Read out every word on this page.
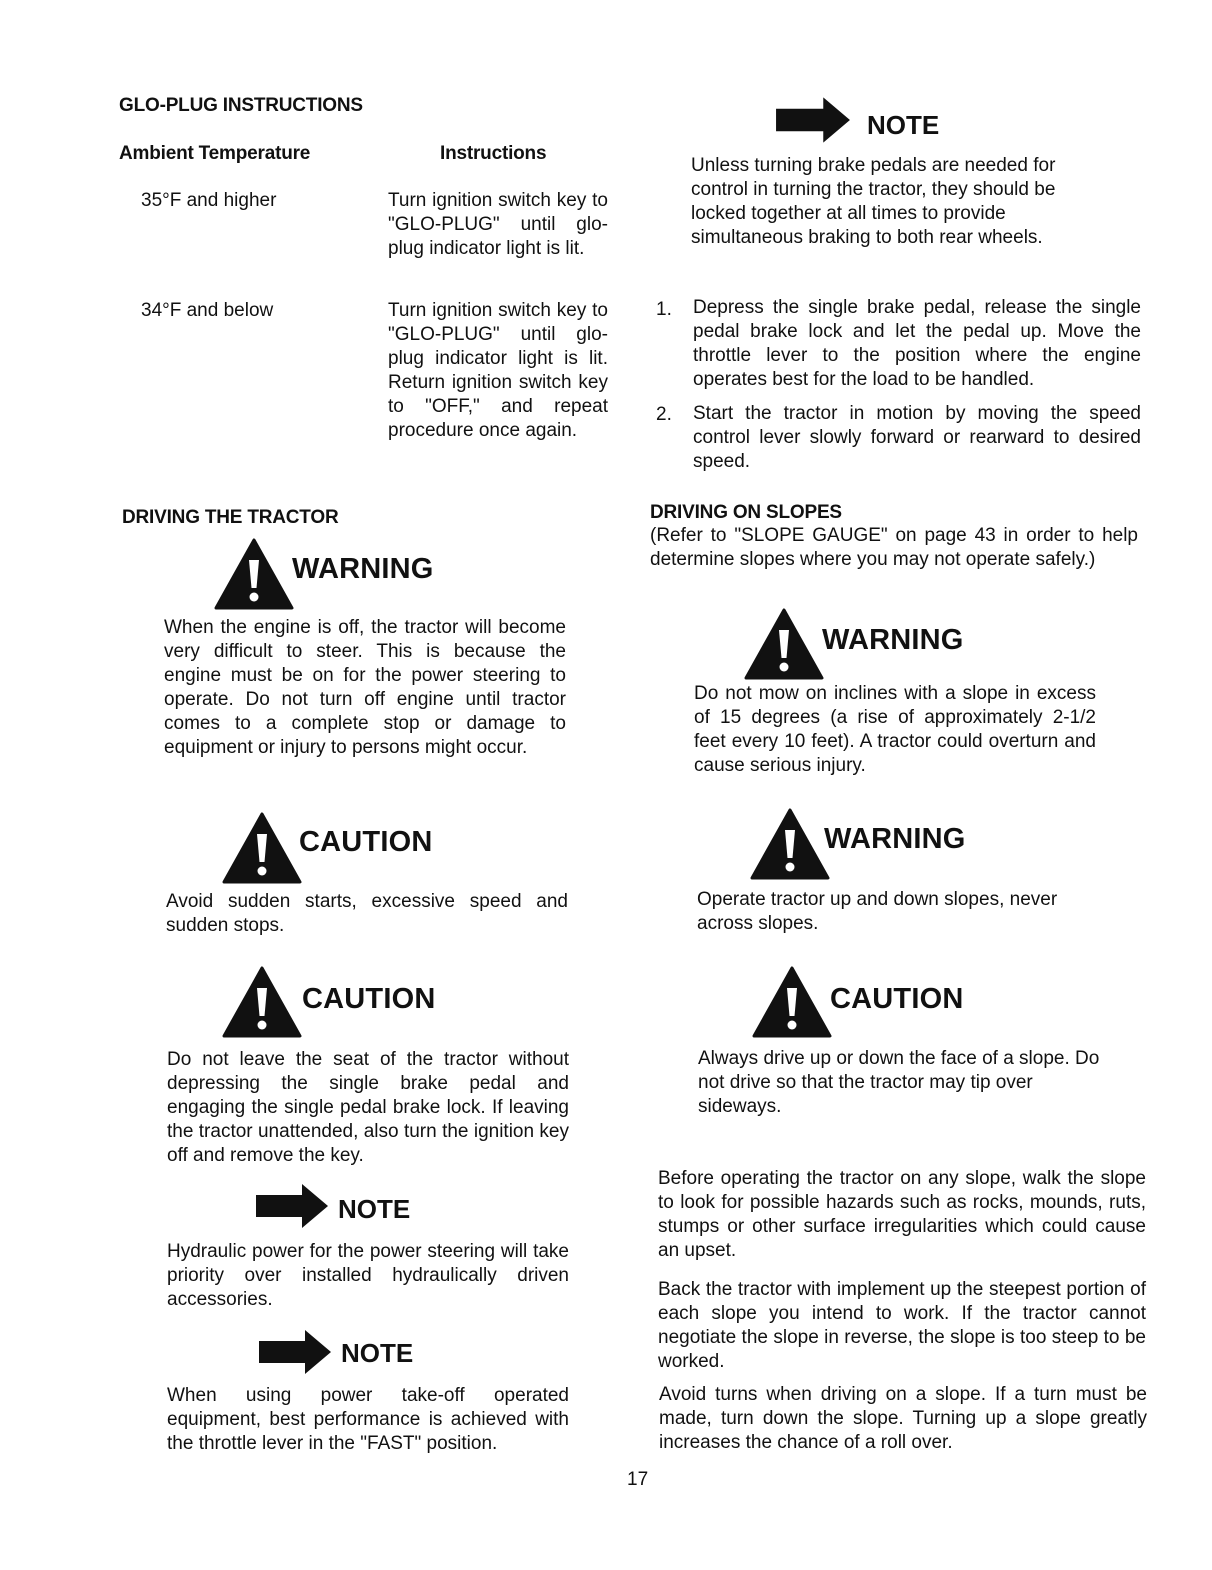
GLO-PLUG INSTRUCTIONS
Ambient Temperature	Instructions
35°F and higher	Turn ignition switch key to "GLO-PLUG" until glo-plug indicator light is lit.
34°F and below	Turn ignition switch key to "GLO-PLUG" until glo-plug indicator light is lit. Return ignition switch key to "OFF," and repeat procedure once again.
DRIVING THE TRACTOR
WARNING
When the engine is off, the tractor will become very difficult to steer. This is because the engine must be on for the power steering to operate. Do not turn off engine until tractor comes to a complete stop or damage to equipment or injury to persons might occur.
CAUTION
Avoid sudden starts, excessive speed and sudden stops.
CAUTION
Do not leave the seat of the tractor without depressing the single brake pedal and engaging the single pedal brake lock. If leaving the tractor unattended, also turn the ignition key off and remove the key.
NOTE
Hydraulic power for the power steering will take priority over installed hydraulically driven accessories.
NOTE
When using power take-off operated equipment, best performance is achieved with the throttle lever in the "FAST" position.
NOTE
Unless turning brake pedals are needed for control in turning the tractor, they should be locked together at all times to provide simultaneous braking to both rear wheels.
1. Depress the single brake pedal, release the single pedal brake lock and let the pedal up. Move the throttle lever to the position where the engine operates best for the load to be handled.
2. Start the tractor in motion by moving the speed control lever slowly forward or rearward to desired speed.
DRIVING ON SLOPES
(Refer to "SLOPE GAUGE" on page 43 in order to help determine slopes where you may not operate safely.)
WARNING
Do not mow on inclines with a slope in excess of 15 degrees (a rise of approximately 2-1/2 feet every 10 feet). A tractor could overturn and cause serious injury.
WARNING
Operate tractor up and down slopes, never across slopes.
CAUTION
Always drive up or down the face of a slope. Do not drive so that the tractor may tip over sideways.
Before operating the tractor on any slope, walk the slope to look for possible hazards such as rocks, mounds, ruts, stumps or other surface irregularities which could cause an upset.
Back the tractor with implement up the steepest portion of each slope you intend to work. If the tractor cannot negotiate the slope in reverse, the slope is too steep to be worked.
Avoid turns when driving on a slope. If a turn must be made, turn down the slope. Turning up a slope greatly increases the chance of a roll over.
17
